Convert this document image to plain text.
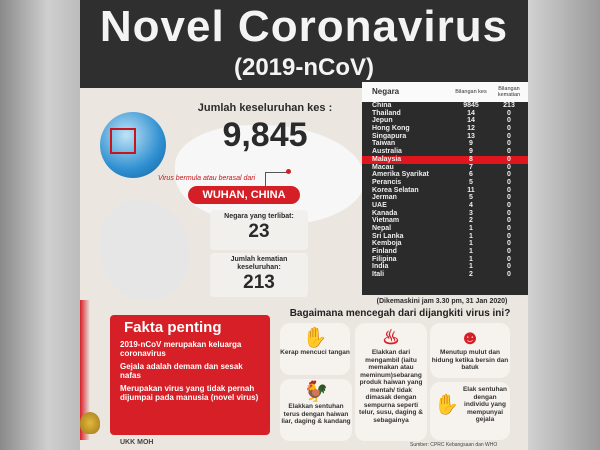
Novel Coronavirus
(2019-nCoV)
Jumlah keseluruhan kes :
9,845
Virus bermula atau berasal dari
WUHAN, CHINA
Negara yang terlibat:
23
Jumlah kematian keseluruhan:
213
Negara	Bilangan kes	Bilangan kematian
China	9845	213
Thailand	14	0
Jepun	14	0
Hong Kong	12	0
Singapura	13	0
Taiwan	9	0
Australia	9	0
Malaysia	8	0
Macau	7	0
Amerika Syarikat	6	0
Perancis	5	0
Korea Selatan	11	0
Jerman	5	0
UAE	4	0
Kanada	3	0
Vietnam	2	0
Nepal	1	0
Sri Lanka	1	0
Kemboja	1	0
Finland	1	0
Filipina	1	0
India	1	0
Itali	2	0
(Dikemaskini jam 3.30 pm, 31 Jan 2020)
Fakta penting
2019-nCoV merupakan keluarga coronavirus
Gejala adalah demam dan sesak nafas
Merupakan virus yang tidak pernah dijumpai pada manusia (novel virus)
UKK MOH
Bagaimana mencegah dari dijangkiti virus ini?
✋
Kerap mencuci tangan
♨
Elakkan dari mengambil (iaitu memakan atau meminum)sebarang produk haiwan yang mentah/ tidak dimasak dengan sempurna seperti telur, susu, daging & sebagainya
☻
Menutup mulut dan hidung ketika bersin dan batuk
🐓
Elakkan sentuhan terus dengan haiwan liar, daging & kandang
✋
Elak sentuhan dengan individu yang mempunyai gejala
Sumber: CPRC Kebangsaan dan WHO
